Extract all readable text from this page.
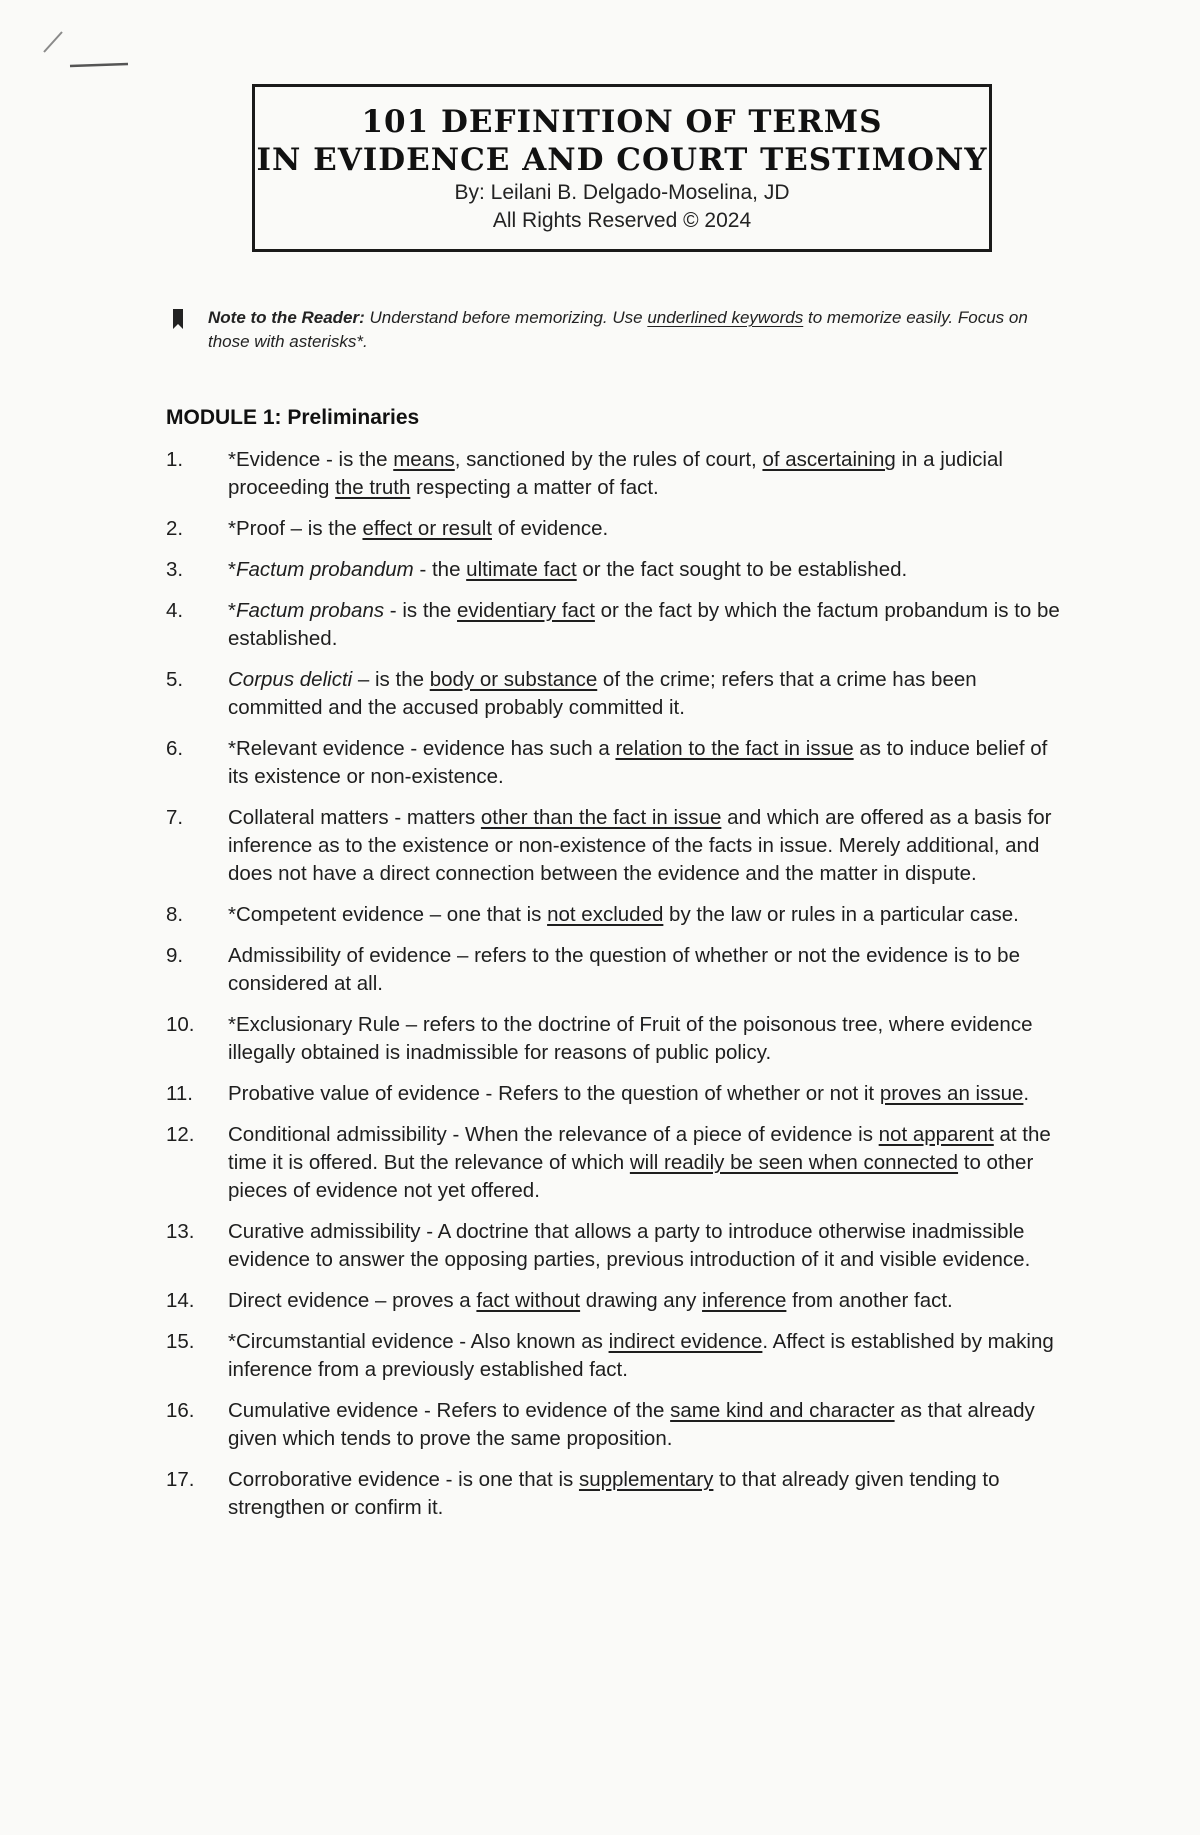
101 DEFINITION OF TERMS
IN EVIDENCE AND COURT TESTIMONY
By: Leilani B. Delgado-Moselina, JD
All Rights Reserved © 2024
Note to the Reader: Understand before memorizing. Use underlined keywords to memorize easily. Focus on those with asterisks*.
MODULE 1: Preliminaries
1.	*Evidence - is the means, sanctioned by the rules of court, of ascertaining in a judicial proceeding the truth respecting a matter of fact.
2.	*Proof – is the effect or result of evidence.
3.	*Factum probandum - the ultimate fact or the fact sought to be established.
4.	*Factum probans - is the evidentiary fact or the fact by which the factum probandum is to be established.
5.	Corpus delicti – is the body or substance of the crime; refers that a crime has been committed and the accused probably committed it.
6.	*Relevant evidence - evidence has such a relation to the fact in issue as to induce belief of its existence or non-existence.
7.	Collateral matters - matters other than the fact in issue and which are offered as a basis for inference as to the existence or non-existence of the facts in issue. Merely additional, and does not have a direct connection between the evidence and the matter in dispute.
8.	*Competent evidence – one that is not excluded by the law or rules in a particular case.
9.	Admissibility of evidence – refers to the question of whether or not the evidence is to be considered at all.
10.	*Exclusionary Rule – refers to the doctrine of Fruit of the poisonous tree, where evidence illegally obtained is inadmissible for reasons of public policy.
11.	Probative value of evidence - Refers to the question of whether or not it proves an issue.
12.	Conditional admissibility - When the relevance of a piece of evidence is not apparent at the time it is offered. But the relevance of which will readily be seen when connected to other pieces of evidence not yet offered.
13.	Curative admissibility - A doctrine that allows a party to introduce otherwise inadmissible evidence to answer the opposing parties, previous introduction of it and visible evidence.
14.	Direct evidence – proves a fact without drawing any inference from another fact.
15.	*Circumstantial evidence - Also known as indirect evidence. Affect is established by making inference from a previously established fact.
16.	Cumulative evidence - Refers to evidence of the same kind and character as that already given which tends to prove the same proposition.
17.	Corroborative evidence - is one that is supplementary to that already given tending to strengthen or confirm it.
